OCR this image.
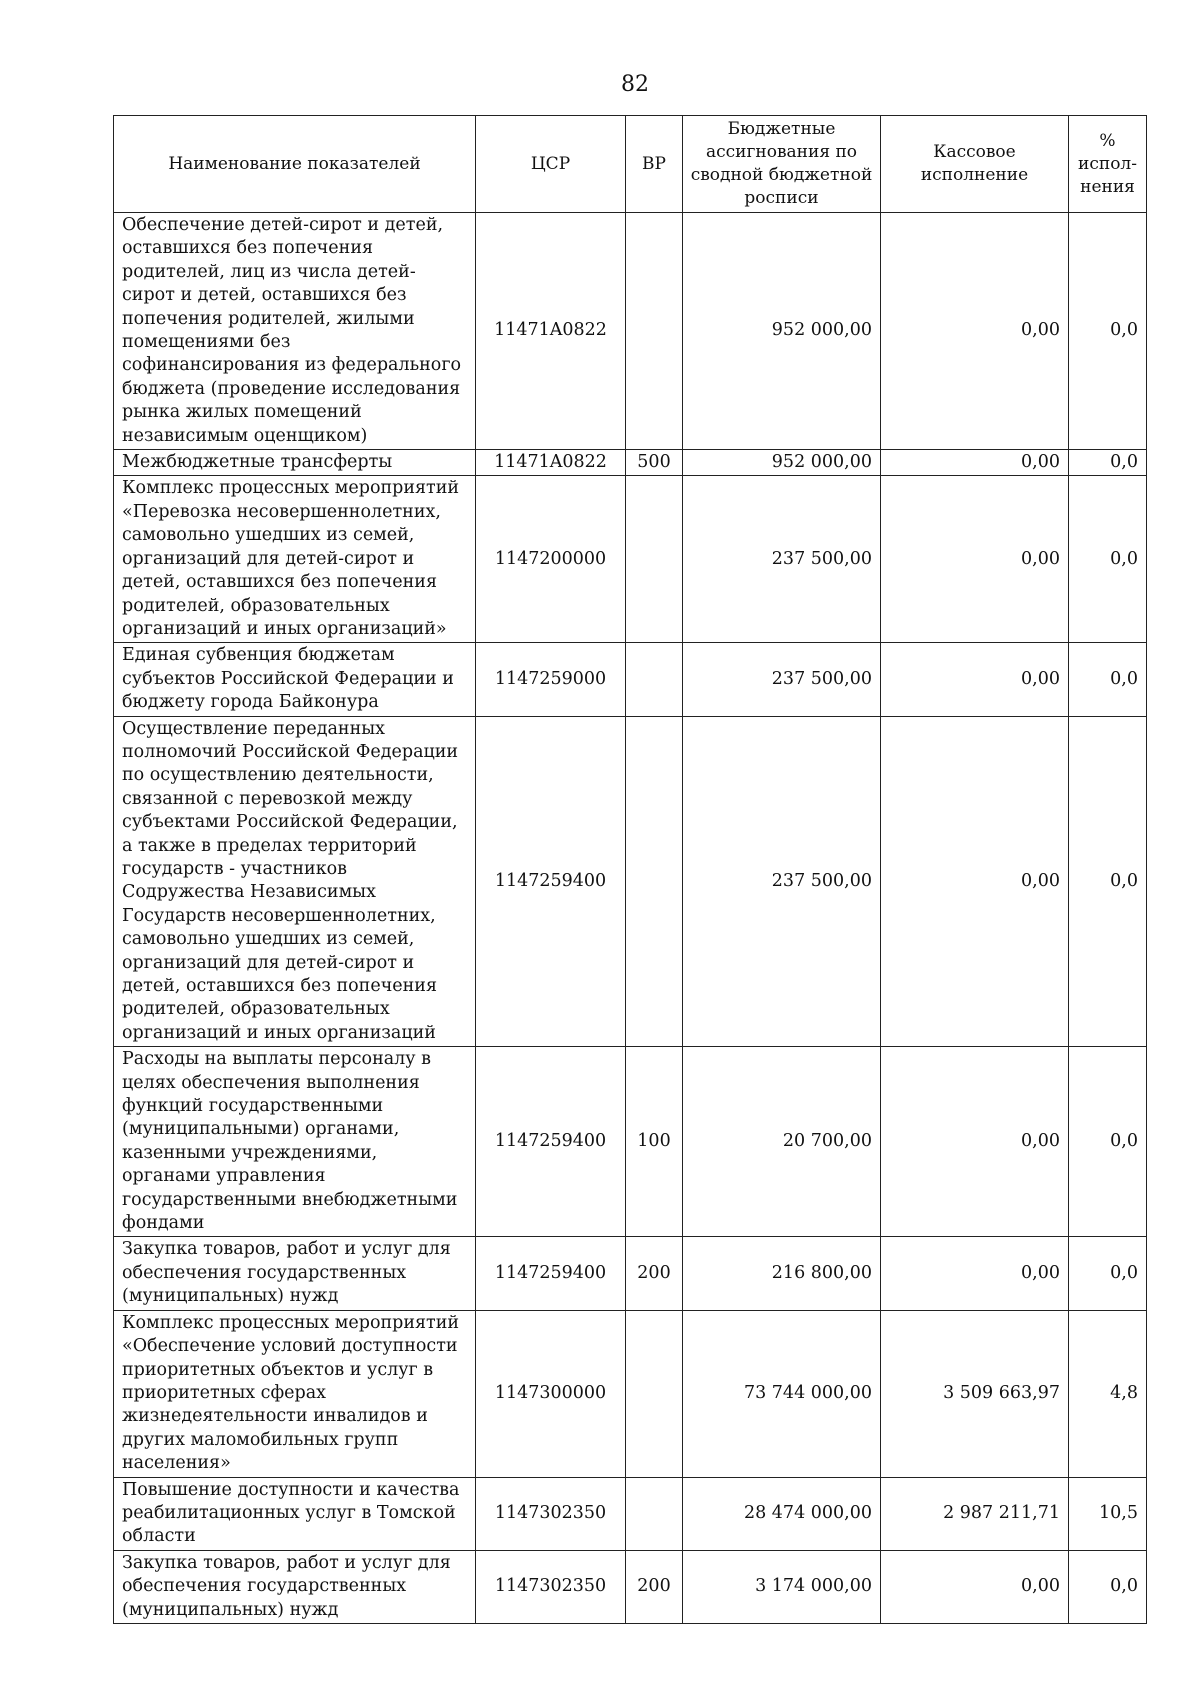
82
Наименование показателей	ЦСР	ВР	Бюджетные ассигнования по сводной бюджетной росписи	Кассовое исполнение	% испол-нения
Обеспечение детей-сирот и детей, оставшихся без попечения родителей, лиц из числа детей-сирот и детей, оставшихся без попечения родителей, жилыми помещениями без софинансирования из федерального бюджета (проведение исследования рынка жилых помещений независимым оценщиком)	11471A0822		952 000,00	0,00	0,0
Межбюджетные трансферты	11471A0822	500	952 000,00	0,00	0,0
Комплекс процессных мероприятий «Перевозка несовершеннолетних, самовольно ушедших из семей, организаций для детей-сирот и детей, оставшихся без попечения родителей, образовательных организаций и иных организаций»	1147200000		237 500,00	0,00	0,0
Единая субвенция бюджетам субъектов Российской Федерации и бюджету города Байконура	1147259000		237 500,00	0,00	0,0
Осуществление переданных полномочий Российской Федерации по осуществлению деятельности, связанной с перевозкой между субъектами Российской Федерации, а также в пределах территорий государств - участников Содружества Независимых Государств несовершеннолетних, самовольно ушедших из семей, организаций для детей-сирот и детей, оставшихся без попечения родителей, образовательных организаций и иных организаций	1147259400		237 500,00	0,00	0,0
Расходы на выплаты персоналу в целях обеспечения выполнения функций государственными (муниципальными) органами, казенными учреждениями, органами управления государственными внебюджетными фондами	1147259400	100	20 700,00	0,00	0,0
Закупка товаров, работ и услуг для обеспечения государственных (муниципальных) нужд	1147259400	200	216 800,00	0,00	0,0
Комплекс процессных мероприятий «Обеспечение условий доступности приоритетных объектов и услуг в приоритетных сферах жизнедеятельности инвалидов и других маломобильных групп населения»	1147300000		73 744 000,00	3 509 663,97	4,8
Повышение доступности и качества реабилитационных услуг в Томской области	1147302350		28 474 000,00	2 987 211,71	10,5
Закупка товаров, работ и услуг для обеспечения государственных (муниципальных) нужд	1147302350	200	3 174 000,00	0,00	0,0
